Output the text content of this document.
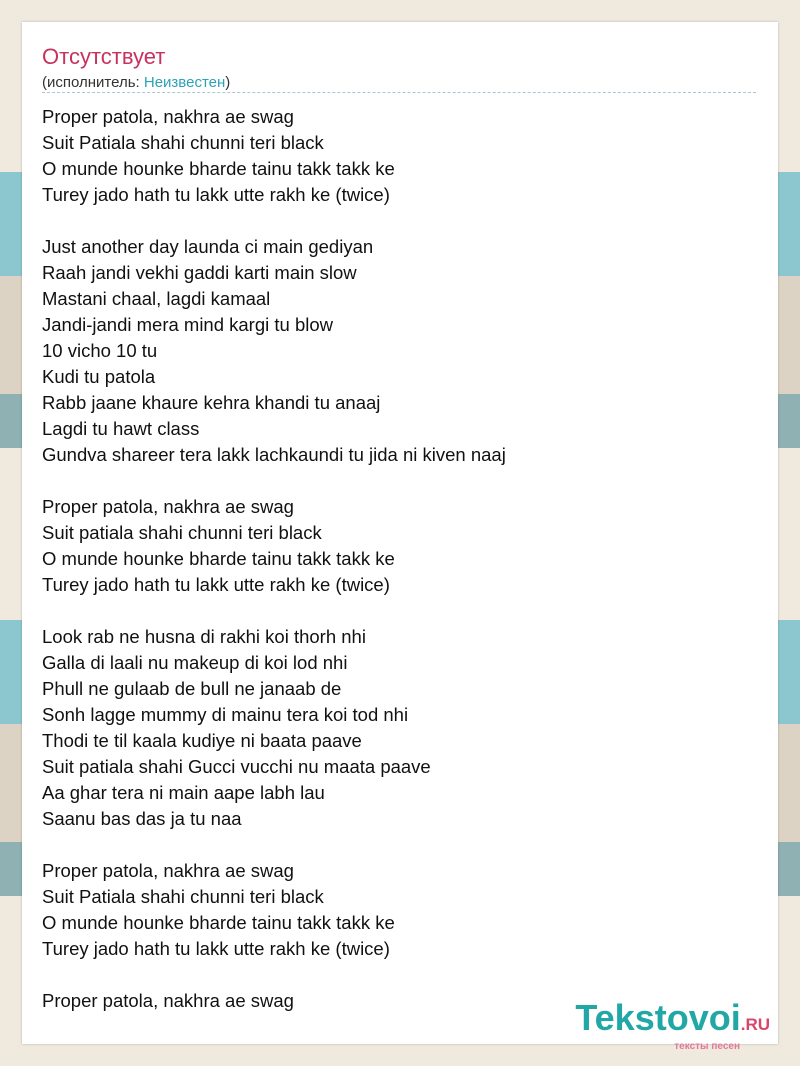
Отсутствует
(исполнитель: Неизвестен)
Proper patola, nakhra ae swag
Suit Patiala shahi chunni teri black
O munde hounke bharde tainu takk takk ke
Turey jado hath tu lakk utte rakh ke (twice)
Just another day launda ci main gediyan
Raah jandi vekhi gaddi karti main slow
Mastani chaal, lagdi kamaal
Jandi-jandi mera mind kargi tu blow
10 vicho 10 tu
Kudi tu patola
Rabb jaane khaure kehra khandi tu anaaj
Lagdi tu hawt class
Gundva shareer tera lakk lachkaundi tu jida ni kiven naaj
Proper patola, nakhra ae swag
Suit patiala shahi chunni teri black
O munde hounke bharde tainu takk takk ke
Turey jado hath tu lakk utte rakh ke (twice)
Look rab ne husna di rakhi koi thorh nhi
Galla di laali nu makeup di koi lod nhi
Phull ne gulaab de bull ne janaab de
Sonh lagge mummy di mainu tera koi tod nhi
Thodi te til kaala kudiye ni baata paave
Suit patiala shahi Gucci vucchi nu maata paave
Aa ghar tera ni main aape labh lau
Saanu bas das ja tu naa
Proper patola, nakhra ae swag
Suit Patiala shahi chunni teri black
O munde hounke bharde tainu takk takk ke
Turey jado hath tu lakk utte rakh ke (twice)
Proper patola, nakhra ae swag	Tekstovoi.RU
тексты песен
